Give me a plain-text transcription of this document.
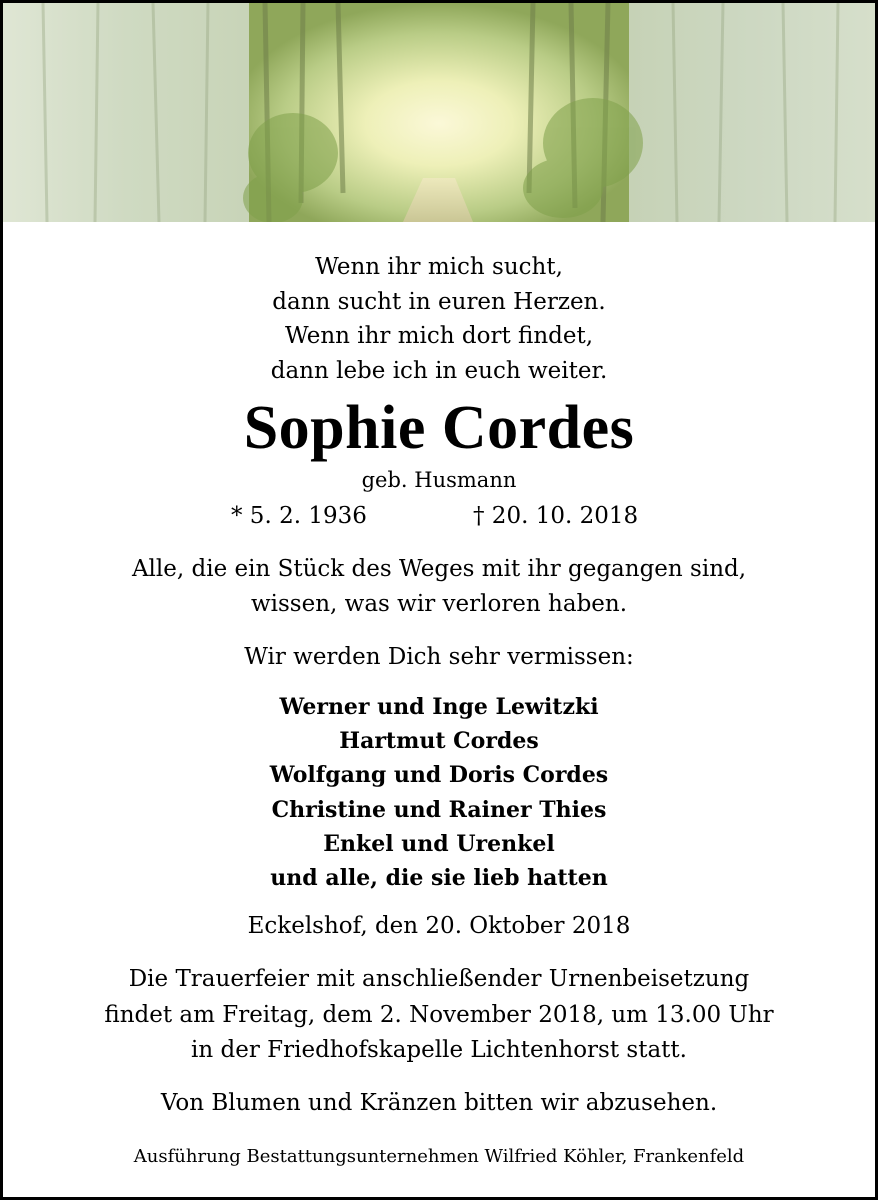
Wenn ihr mich sucht,
dann sucht in euren Herzen.
Wenn ihr mich dort findet,
dann lebe ich in euch weiter.
Sophie Cordes
geb. Husmann
* 5. 2. 1936	† 20. 10. 2018
Alle, die ein Stück des Weges mit ihr gegangen sind,
wissen, was wir verloren haben.
Wir werden Dich sehr vermissen:
Werner und Inge Lewitzki
Hartmut Cordes
Wolfgang und Doris Cordes
Christine und Rainer Thies
Enkel und Urenkel
und alle, die sie lieb hatten
Eckelshof, den 20. Oktober 2018
Die Trauerfeier mit anschließender Urnenbeisetzung
findet am Freitag, dem 2. November 2018, um 13.00 Uhr
in der Friedhofskapelle Lichtenhorst statt.
Von Blumen und Kränzen bitten wir abzusehen.
Ausführung Bestattungsunternehmen Wilfried Köhler, Frankenfeld
